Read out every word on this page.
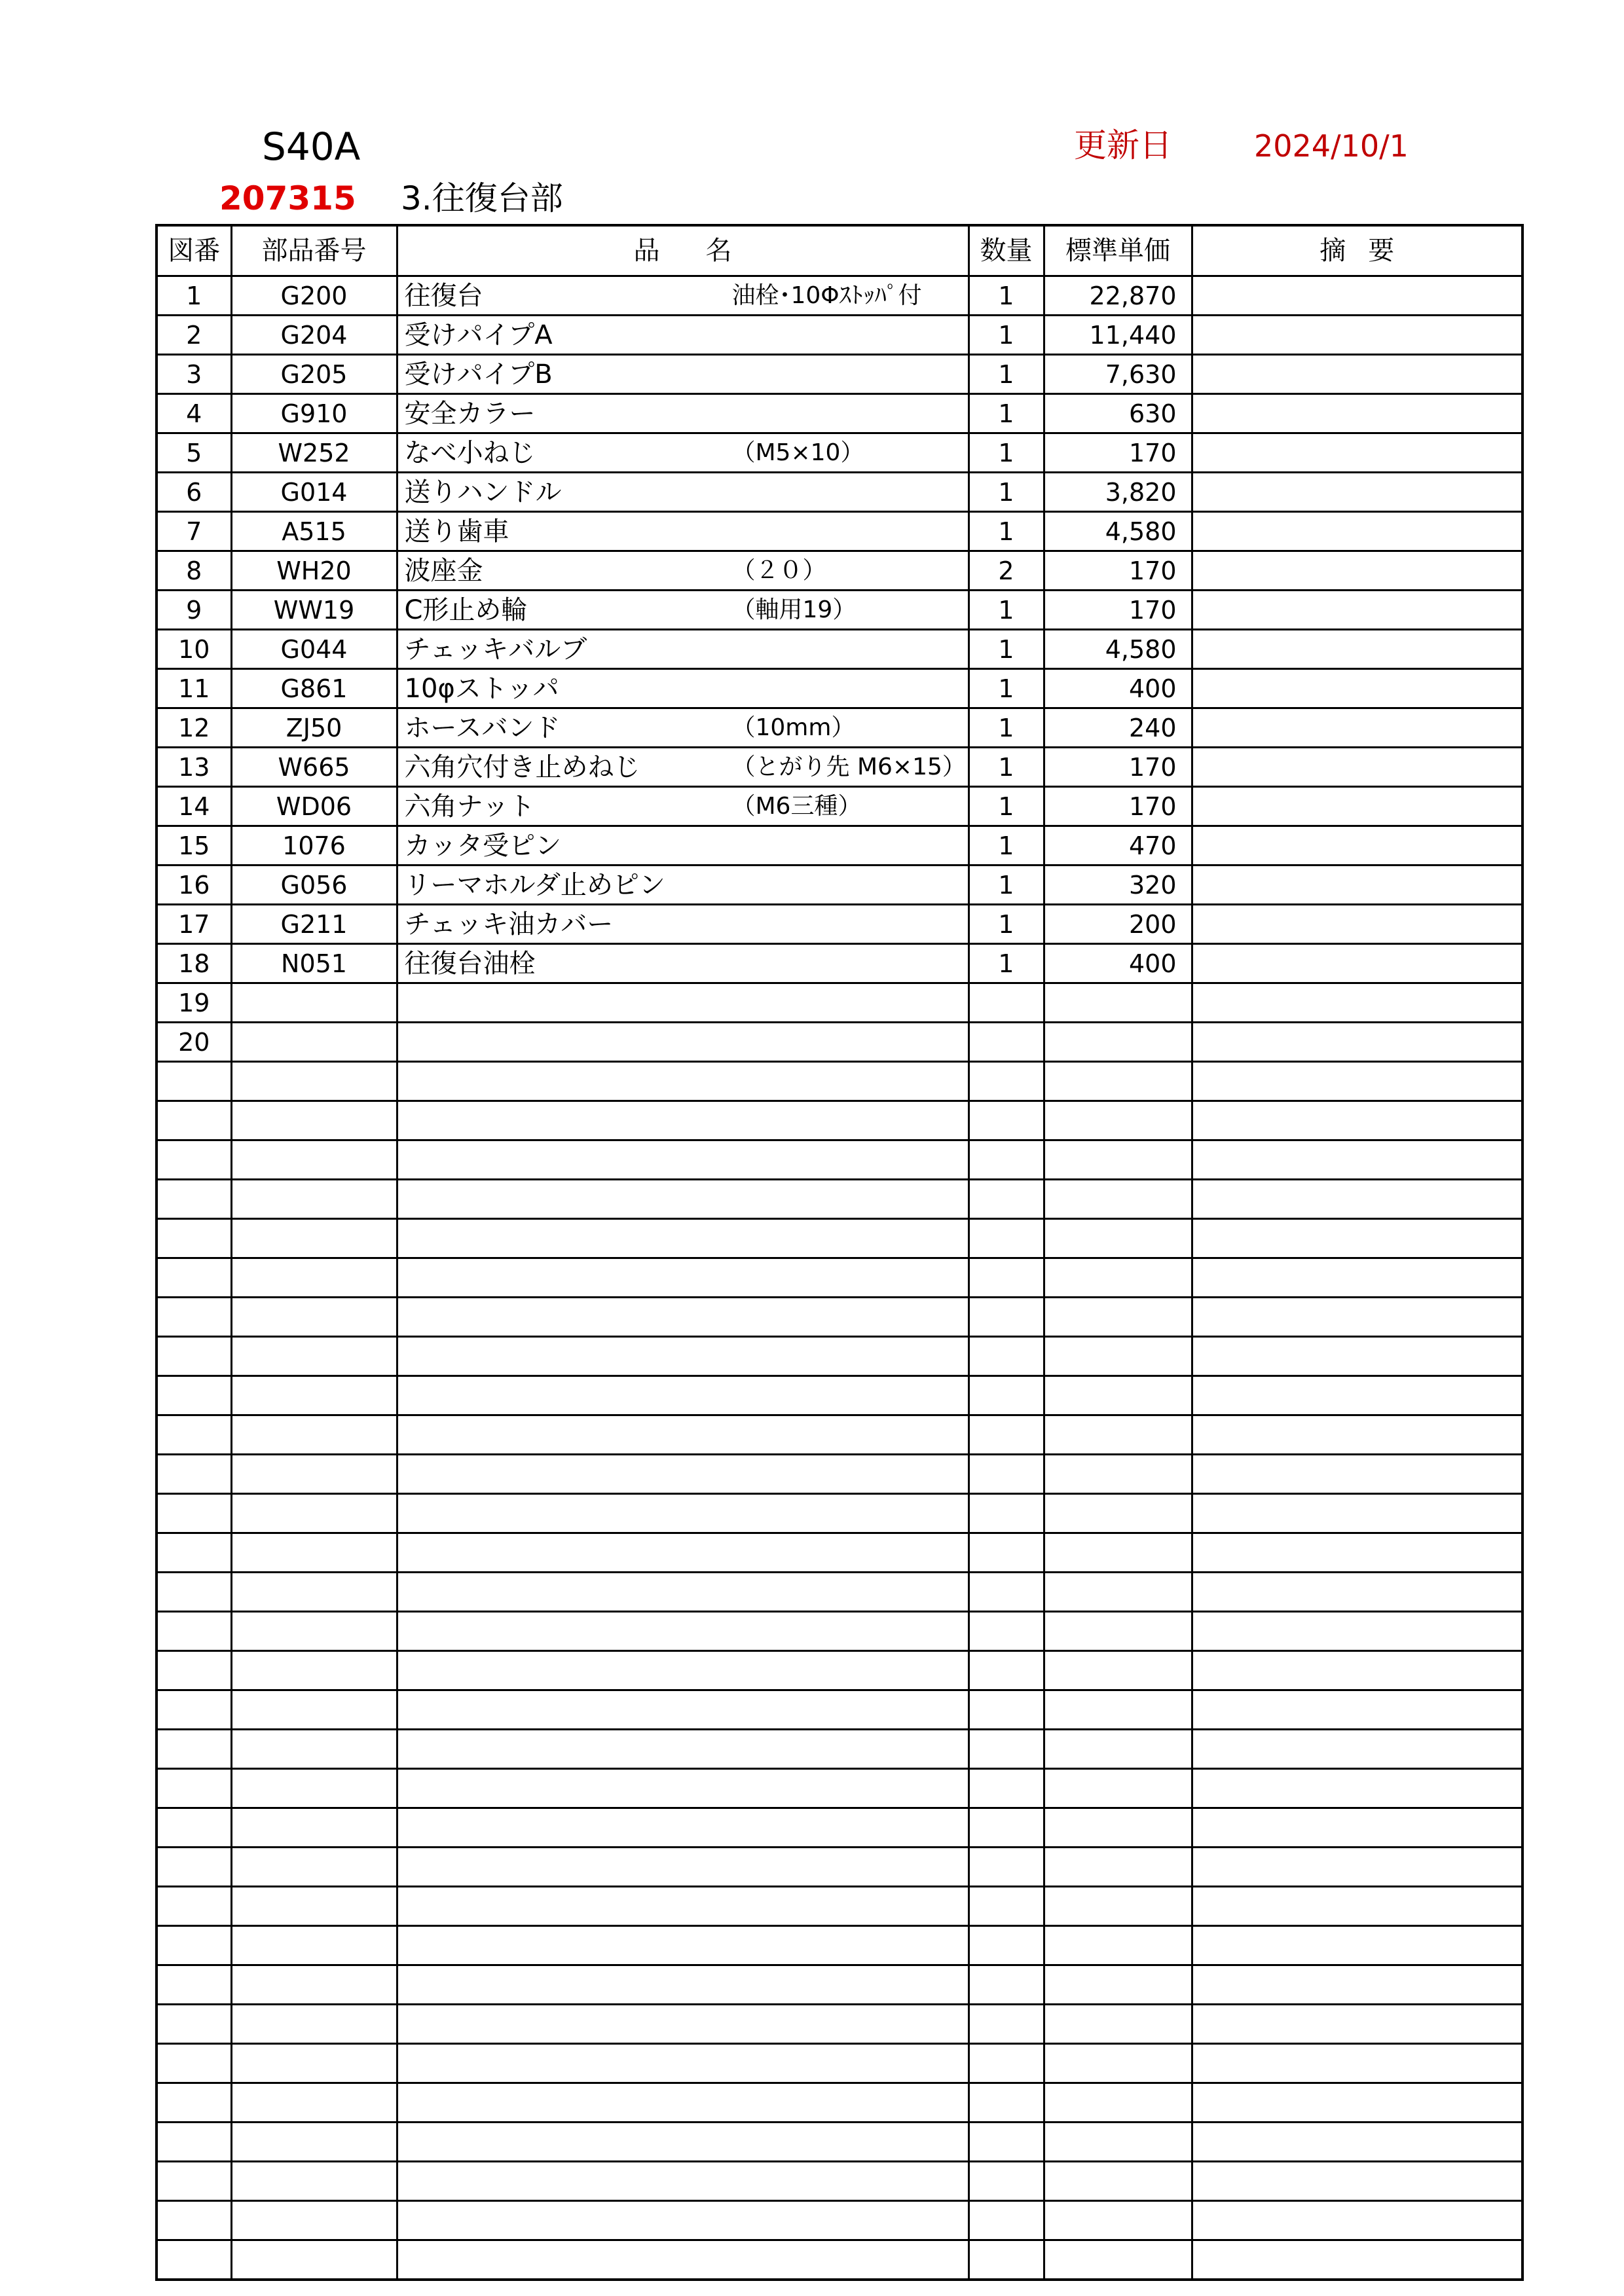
S40A	更新日	2024/10/1
207315 3.往復台部
図番	部品番号	品 名	数量	標準単価	摘 要
1	G200	往復台 油栓･10Φｽﾄｯﾊﾟ付	1	22,870	
2	G204	受けパイプA	1	11,440	
3	G205	受けパイプB	1	7,630	
4	G910	安全カラー	1	630	
5	W252	なべ小ねじ （M5×10）	1	170	
6	G014	送りハンドル	1	3,820	
7	A515	送り歯車	1	4,580	
8	WH20	波座金 （２０）	2	170	
9	WW19	C形止め輪 （軸用19）	1	170	
10	G044	チェッキバルブ	1	4,580	
11	G861	10φストッパ	1	400	
12	ZJ50	ホースバンド （10mm）	1	240	
13	W665	六角穴付き止めねじ （とがり先 M6×15）	1	170	
14	WD06	六角ナット （M6三種）	1	170	
15	1076	カッタ受ピン	1	470	
16	G056	リーマホルダ止めピン	1	320	
17	G211	チェッキ油カバー	1	200	
18	N051	往復台油栓	1	400	
19		

20		
